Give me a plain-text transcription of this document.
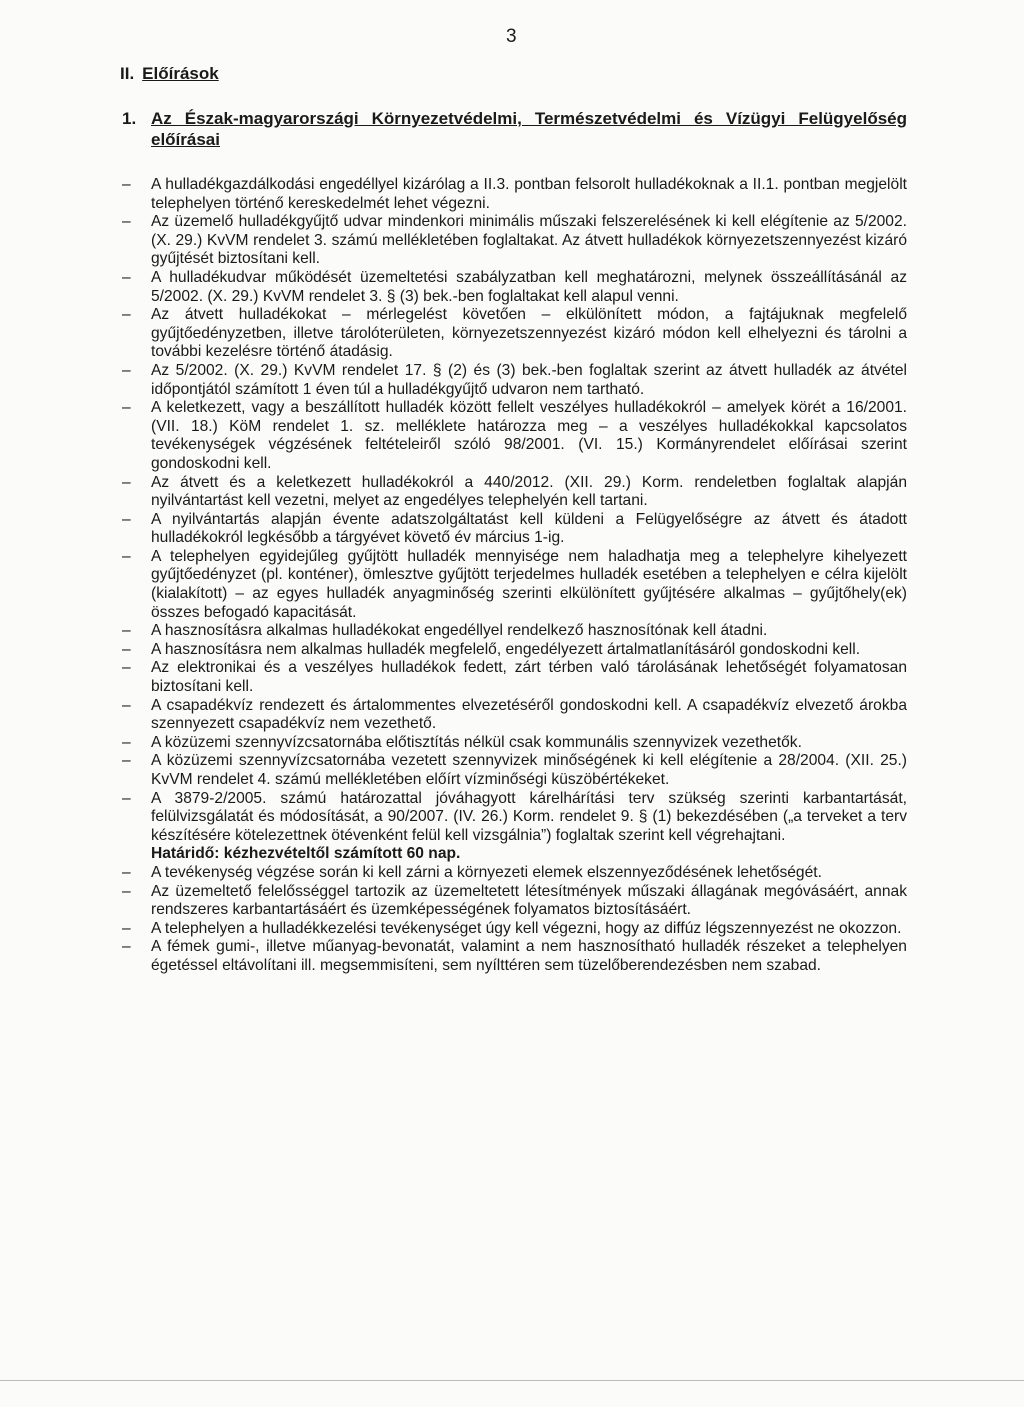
3
II. Előírások
1. Az Észak-magyarországi Környezetvédelmi, Természetvédelmi és Vízügyi Felügyelőség előírásai
– A hulladékgazdálkodási engedéllyel kizárólag a II.3. pontban felsorolt hulladékoknak a II.1. pontban megjelölt telephelyen történő kereskedelmét lehet végezni.
– Az üzemelő hulladékgyűjtő udvar mindenkori minimális műszaki felszerelésének ki kell elégítenie az 5/2002. (X. 29.) KvVM rendelet 3. számú mellékletében foglaltakat. Az átvett hulladékok környezetszennyezést kizáró gyűjtését biztosítani kell.
– A hulladékudvar működését üzemeltetési szabályzatban kell meghatározni, melynek összeállításánál az 5/2002. (X. 29.) KvVM rendelet 3. § (3) bek.-ben foglaltakat kell alapul venni.
– Az átvett hulladékokat – mérlegelést követően – elkülönített módon, a fajtájuknak megfelelő gyűjtőedényzetben, illetve tárolóterületen, környezetszennyezést kizáró módon kell elhelyezni és tárolni a további kezelésre történő átadásig.
– Az 5/2002. (X. 29.) KvVM rendelet 17. § (2) és (3) bek.-ben foglaltak szerint az átvett hulladék az átvétel időpontjától számított 1 éven túl a hulladékgyűjtő udvaron nem tartható.
– A keletkezett, vagy a beszállított hulladék között fellelt veszélyes hulladékokról – amelyek körét a 16/2001. (VII. 18.) KöM rendelet 1. sz. melléklete határozza meg – a veszélyes hulladékokkal kapcsolatos tevékenységek végzésének feltételeiről szóló 98/2001. (VI. 15.) Kormányrendelet előírásai szerint gondoskodni kell.
– Az átvett és a keletkezett hulladékokról a 440/2012. (XII. 29.) Korm. rendeletben foglaltak alapján nyilvántartást kell vezetni, melyet az engedélyes telephelyén kell tartani.
– A nyilvántartás alapján évente adatszolgáltatást kell küldeni a Felügyelőségre az átvett és átadott hulladékokról legkésőbb a tárgyévet követő év március 1-ig.
– A telephelyen egyidejűleg gyűjtött hulladék mennyisége nem haladhatja meg a telephelyre kihelyezett gyűjtőedényzet (pl. konténer), ömlesztve gyűjtött terjedelmes hulladék esetében a telephelyen e célra kijelölt (kialakított) – az egyes hulladék anyagminőség szerinti elkülönített gyűjtésére alkalmas – gyűjtőhely(ek) összes befogadó kapacitását.
– A hasznosításra alkalmas hulladékokat engedéllyel rendelkező hasznosítónak kell átadni.
– A hasznosításra nem alkalmas hulladék megfelelő, engedélyezett ártalmatlanításáról gondoskodni kell.
– Az elektronikai és a veszélyes hulladékok fedett, zárt térben való tárolásának lehetőségét folyamatosan biztosítani kell.
– A csapadékvíz rendezett és ártalommentes elvezetéséről gondoskodni kell. A csapadékvíz elvezető árokba szennyezett csapadékvíz nem vezethető.
– A közüzemi szennyvízcsatornába előtisztítás nélkül csak kommunális szennyvizek vezethetők.
– A közüzemi szennyvízcsatornába vezetett szennyvizek minőségének ki kell elégítenie a 28/2004. (XII. 25.) KvVM rendelet 4. számú mellékletében előírt vízminőségi küszöbértékeket.
– A 3879-2/2005. számú határozattal jóváhagyott kárelhárítási terv szükség szerinti karbantartását, felülvizsgálatát és módosítását, a 90/2007. (IV. 26.) Korm. rendelet 9. § (1) bekezdésében („a terveket a terv készítésére kötelezettnek ötévenként felül kell vizsgálnia”) foglaltak szerint kell végrehajtani.
Határidő: kézhezvételtől számított 60 nap.
– A tevékenység végzése során ki kell zárni a környezeti elemek elszennyeződésének lehetőségét.
– Az üzemeltető felelősséggel tartozik az üzemeltetett létesítmények műszaki állagának megóvásáért, annak rendszeres karbantartásáért és üzemképességének folyamatos biztosításáért.
– A telephelyen a hulladékkezelési tevékenységet úgy kell végezni, hogy az diffúz légszennyezést ne okozzon.
– A fémek gumi-, illetve műanyag-bevonatát, valamint a nem hasznosítható hulladék részeket a telephelyen égetéssel eltávolítani ill. megsemmisíteni, sem nyílttéren sem tüzelőberendezésben nem szabad.
